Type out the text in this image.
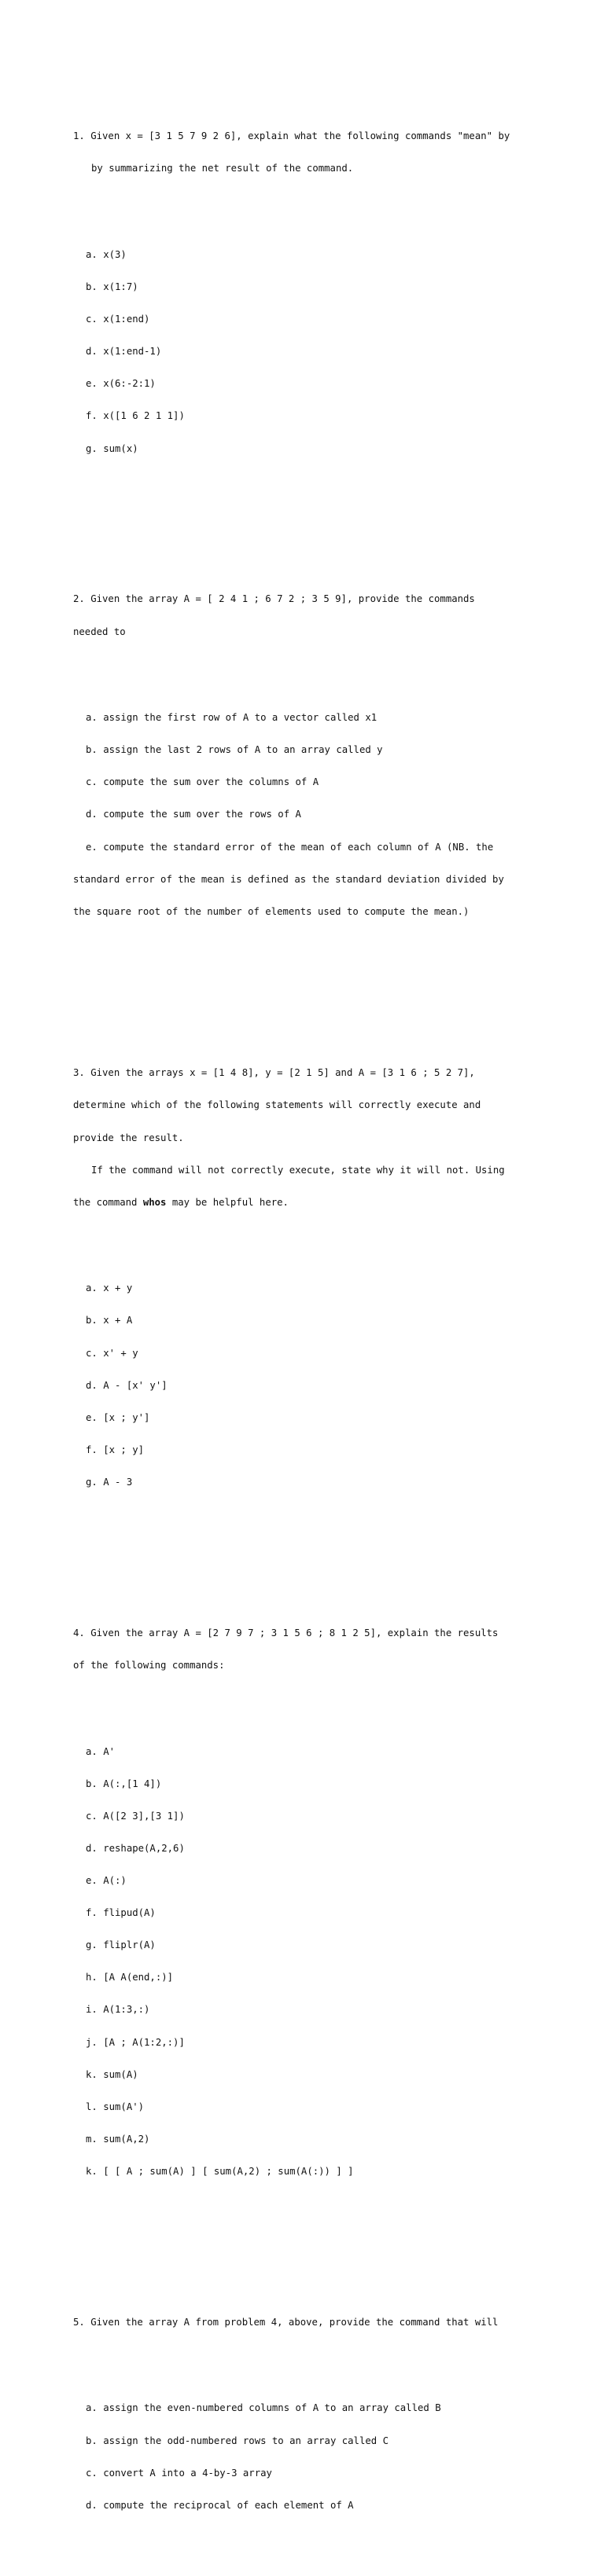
1. Given x = [3 1 5 7 9 2 6], explain what the following commands "mean" by

by summarizing the net result of the command.

a. x(3)

b. x(1:7)

c. x(1:end)

d. x(1:end-1)

e. x(6:-2:1)

f. x([1 6 2 1 1])

g. sum(x)

2. Given the array A = [ 2 4 1 ; 6 7 2 ; 3 5 9], provide the commands

needed to

a. assign the first row of A to a vector called x1

b. assign the last 2 rows of A to an array called y

c. compute the sum over the columns of A

d. compute the sum over the rows of A

e. compute the standard error of the mean of each column of A (NB. the

standard error of the mean is defined as the standard deviation divided by

the square root of the number of elements used to compute the mean.)

3. Given the arrays x = [1 4 8], y = [2 1 5] and A = [3 1 6 ; 5 2 7],

determine which of the following statements will correctly execute and

provide the result.

If the command will not correctly execute, state why it will not. Using

the command whos may be helpful here.

a. x + y

b. x + A

c. x' + y

d. A - [x' y']

e. [x ; y']

f. [x ; y]

g. A - 3

4. Given the array A = [2 7 9 7 ; 3 1 5 6 ; 8 1 2 5], explain the results

of the following commands:

a. A'

b. A(:,[1 4])

c. A([2 3],[3 1])

d. reshape(A,2,6)

e. A(:)

f. flipud(A)

g. fliplr(A)

h. [A A(end,:)]

i. A(1:3,:)

j. [A ; A(1:2,:)]

k. sum(A)

l. sum(A')

m. sum(A,2)

k. [ [ A ; sum(A) ] [ sum(A,2) ; sum(A(:)) ] ]

5. Given the array A from problem 4, above, provide the command that will

a. assign the even-numbered columns of A to an array called B

b. assign the odd-numbered rows to an array called C

c. convert A into a 4-by-3 array

d. compute the reciprocal of each element of A
